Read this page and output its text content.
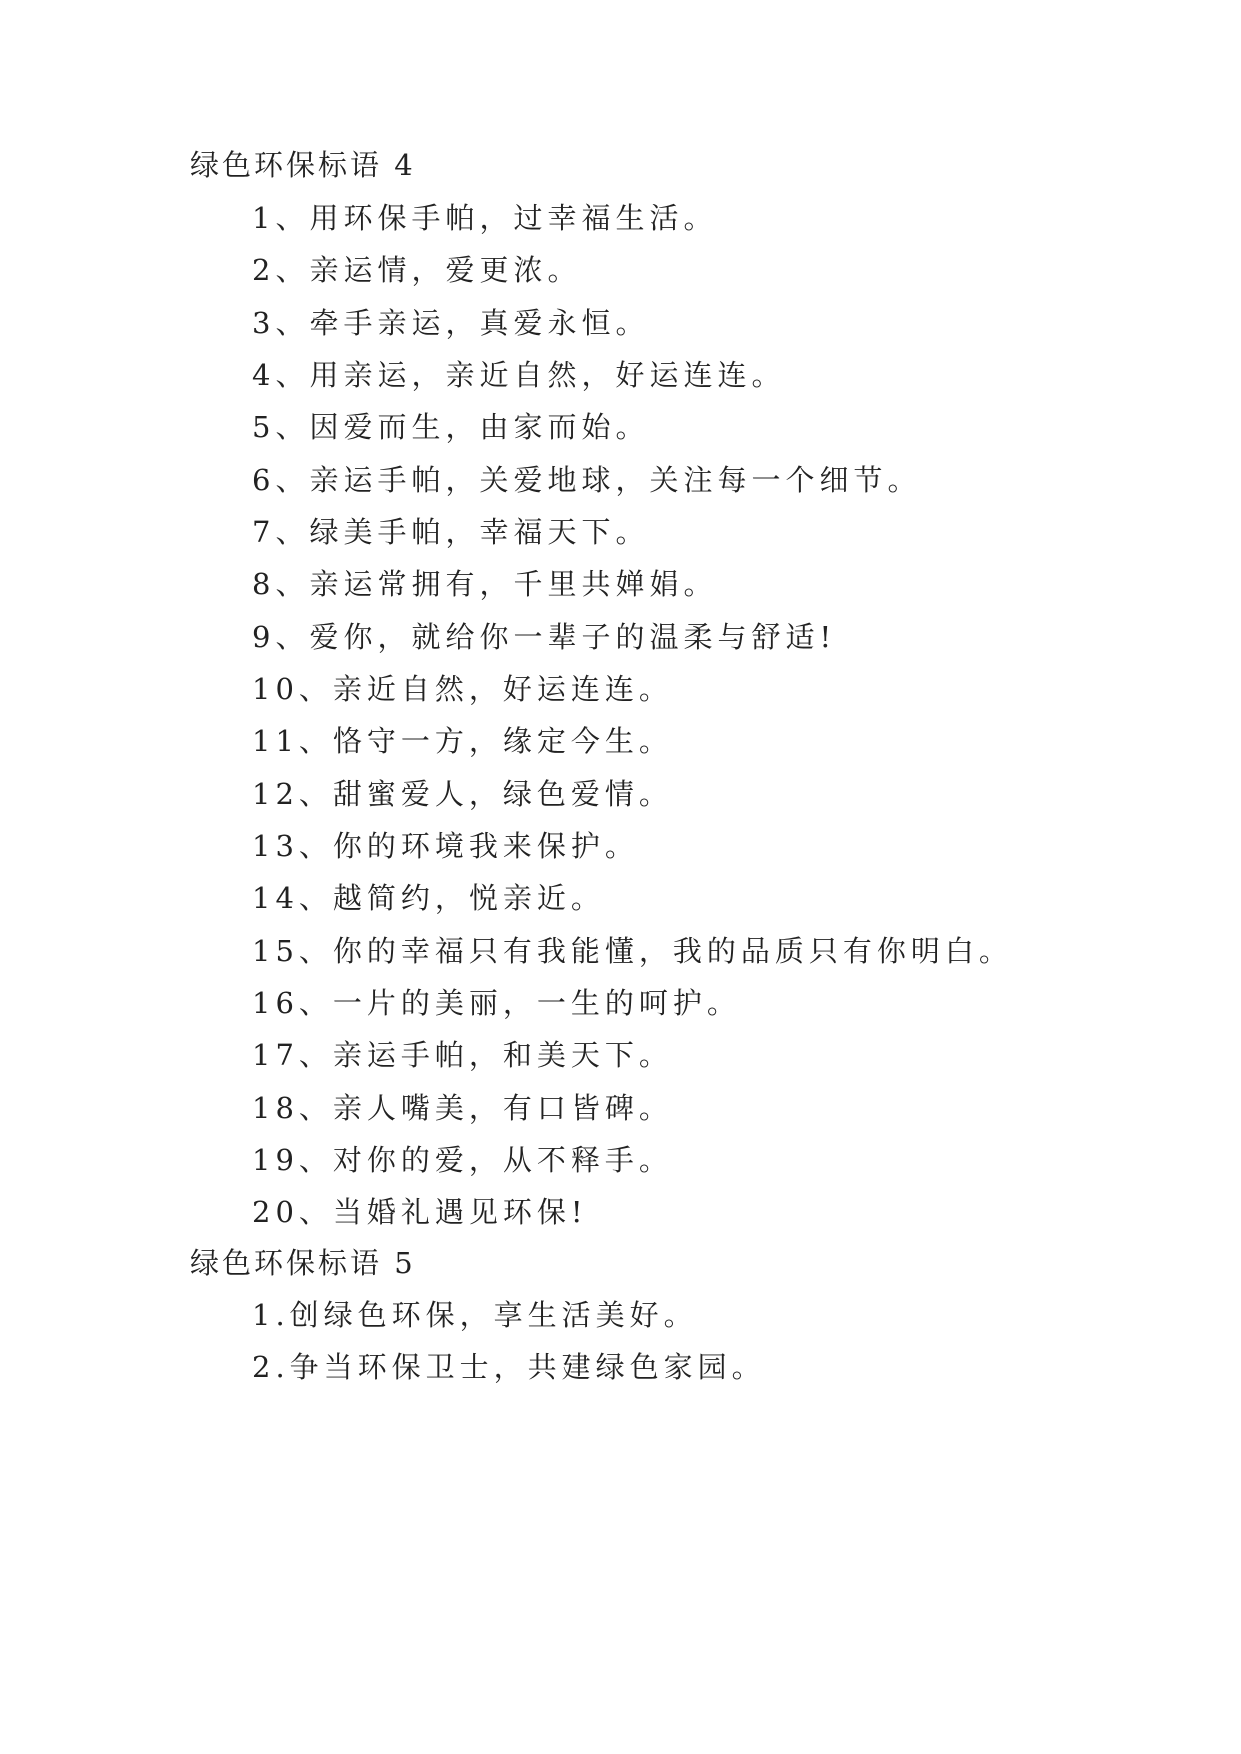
绿色环保标语 4
1、用环保手帕，过幸福生活。
2、亲运情，爱更浓。
3、牵手亲运，真爱永恒。
4、用亲运，亲近自然，好运连连。
5、因爱而生，由家而始。
6、亲运手帕，关爱地球，关注每一个细节。
7、绿美手帕，幸福天下。
8、亲运常拥有，千里共婵娟。
9、爱你，就给你一辈子的温柔与舒适!
10、亲近自然，好运连连。
11、恪守一方，缘定今生。
12、甜蜜爱人，绿色爱情。
13、你的环境我来保护。
14、越简约，悦亲近。
15、你的幸福只有我能懂，我的品质只有你明白。
16、一片的美丽，一生的呵护。
17、亲运手帕，和美天下。
18、亲人嘴美，有口皆碑。
19、对你的爱，从不释手。
20、当婚礼遇见环保!
绿色环保标语 5
1.创绿色环保，享生活美好。
2.争当环保卫士，共建绿色家园。
